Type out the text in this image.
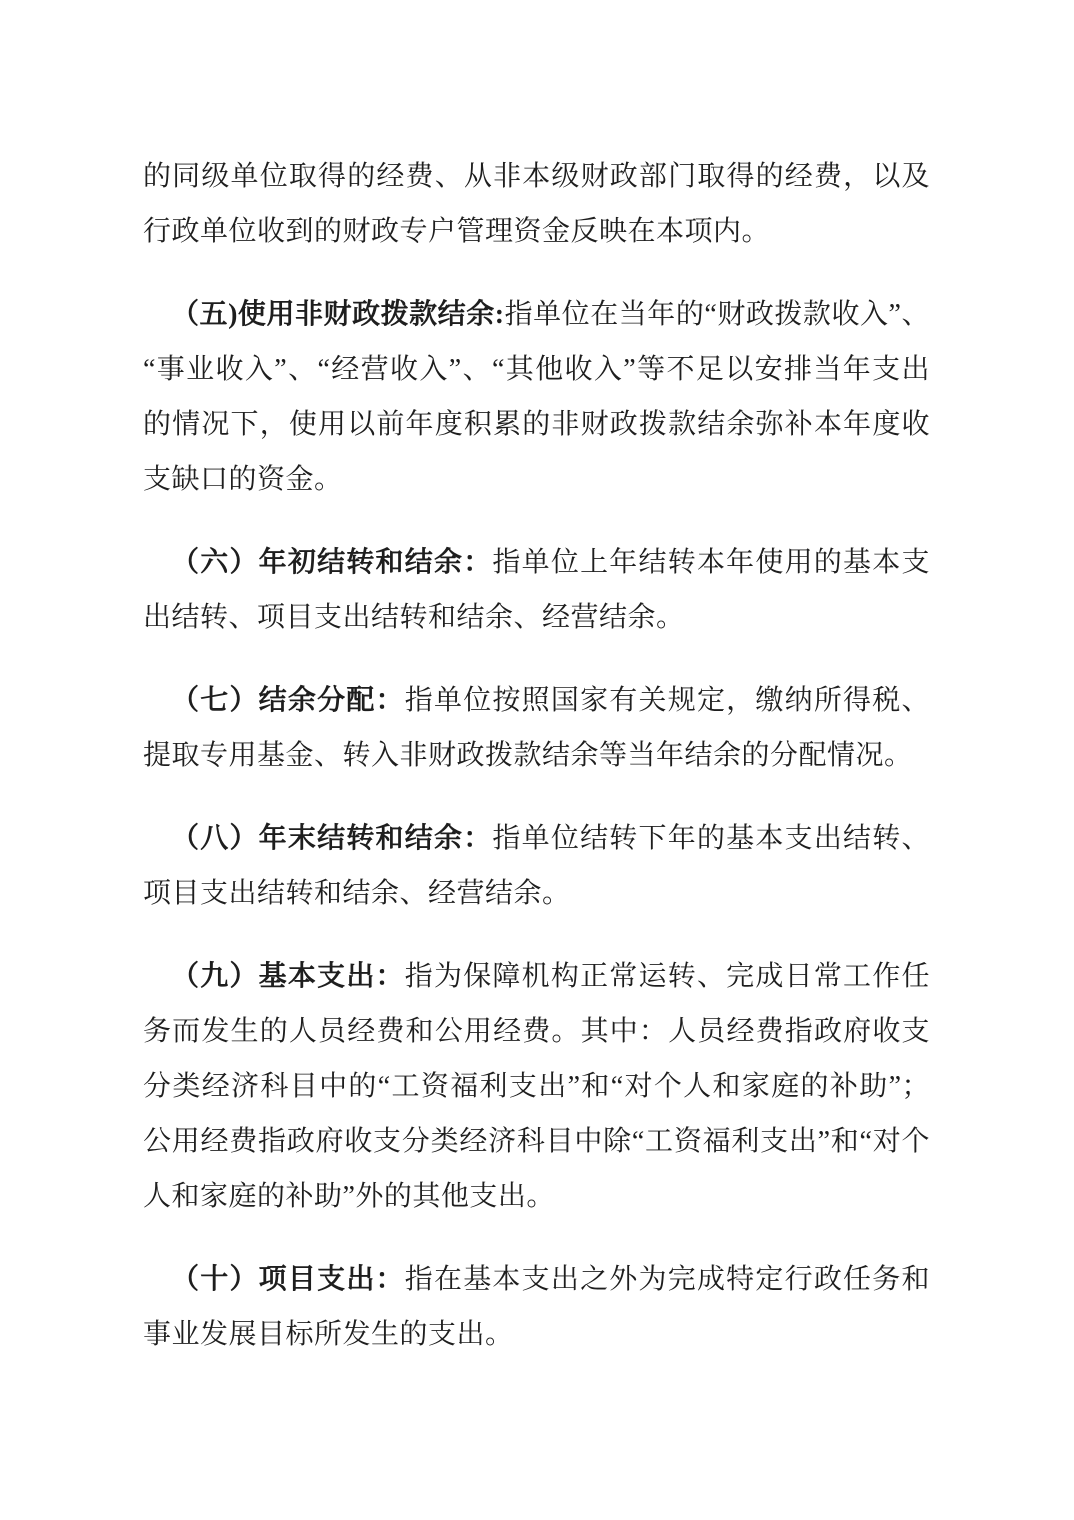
的同级单位取得的经费、从非本级财政部门取得的经费，以及行政单位收到的财政专户管理资金反映在本项内。

（五)使用非财政拨款结余:指单位在当年的“财政拨款收入”、“事业收入”、“经营收入”、“其他收入”等不足以安排当年支出的情况下，使用以前年度积累的非财政拨款结余弥补本年度收支缺口的资金。

（六）年初结转和结余：指单位上年结转本年使用的基本支出结转、项目支出结转和结余、经营结余。

（七）结余分配：指单位按照国家有关规定，缴纳所得税、提取专用基金、转入非财政拨款结余等当年结余的分配情况。

（八）年末结转和结余：指单位结转下年的基本支出结转、项目支出结转和结余、经营结余。

（九）基本支出：指为保障机构正常运转、完成日常工作任务而发生的人员经费和公用经费。其中：人员经费指政府收支分类经济科目中的“工资福利支出”和“对个人和家庭的补助”；公用经费指政府收支分类经济科目中除“工资福利支出”和“对个人和家庭的补助”外的其他支出。

（十）项目支出：指在基本支出之外为完成特定行政任务和事业发展目标所发生的支出。
